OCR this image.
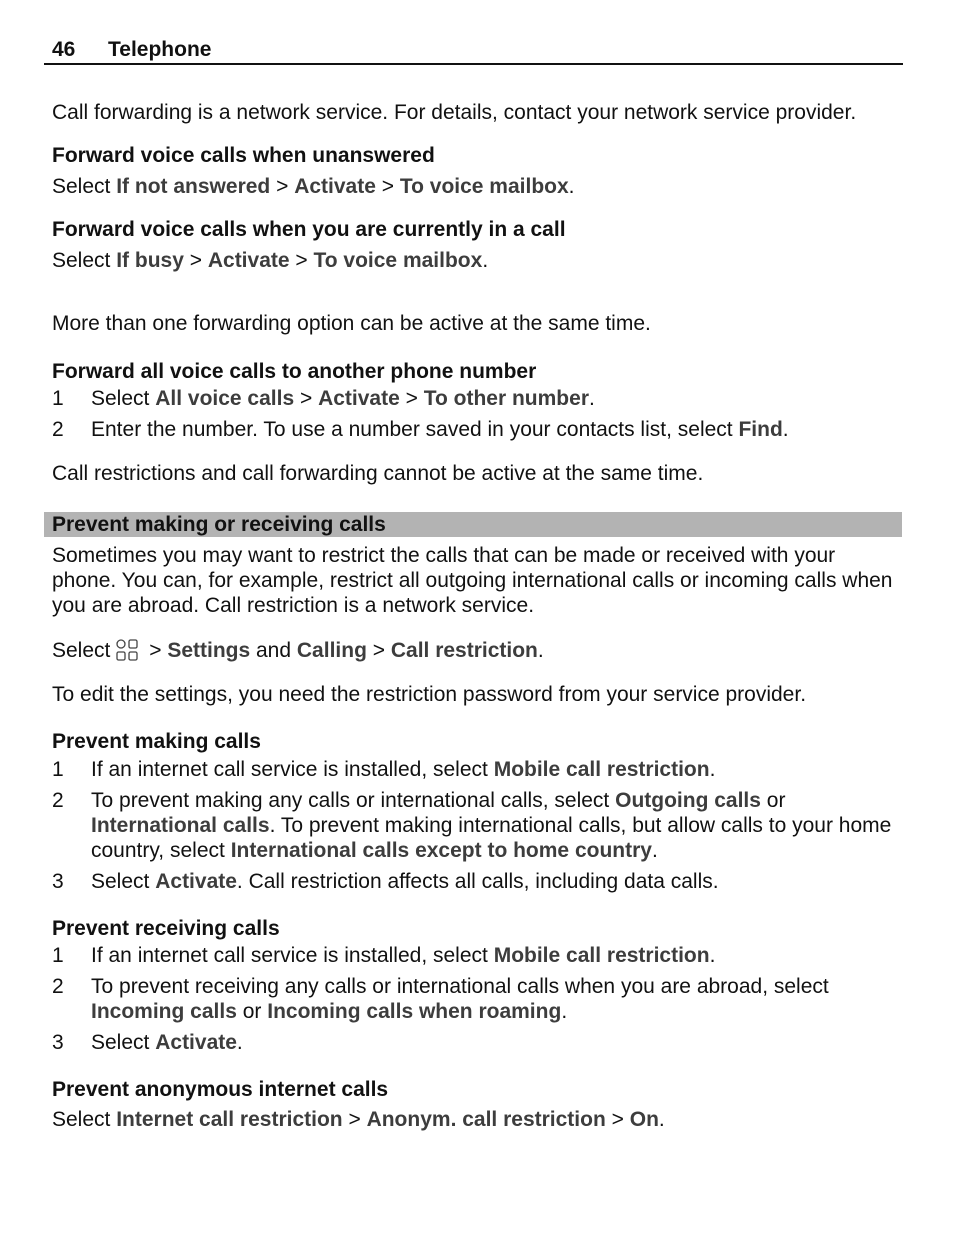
46 Telephone

Call forwarding is a network service. For details, contact your network service provider.

Forward voice calls when unanswered

Select If not answered > Activate > To voice mailbox.

Forward voice calls when you are currently in a call

Select If busy > Activate > To voice mailbox.

More than one forwarding option can be active at the same time.

Forward all voice calls to another phone number

1 Select All voice calls > Activate > To other number.
2 Enter the number. To use a number saved in your contacts list, select Find.

Call restrictions and call forwarding cannot be active at the same time.

Prevent making or receiving calls

Sometimes you may want to restrict the calls that can be made or received with your phone. You can, for example, restrict all outgoing international calls or incoming calls when you are abroad. Call restriction is a network service.

Select > Settings and Calling > Call restriction.

To edit the settings, you need the restriction password from your service provider.

Prevent making calls

1 If an internet call service is installed, select Mobile call restriction.
2 To prevent making any calls or international calls, select Outgoing calls or International calls. To prevent making international calls, but allow calls to your home country, select International calls except to home country.
3 Select Activate. Call restriction affects all calls, including data calls.

Prevent receiving calls

1 If an internet call service is installed, select Mobile call restriction.
2 To prevent receiving any calls or international calls when you are abroad, select Incoming calls or Incoming calls when roaming.
3 Select Activate.

Prevent anonymous internet calls

Select Internet call restriction > Anonym. call restriction > On.
